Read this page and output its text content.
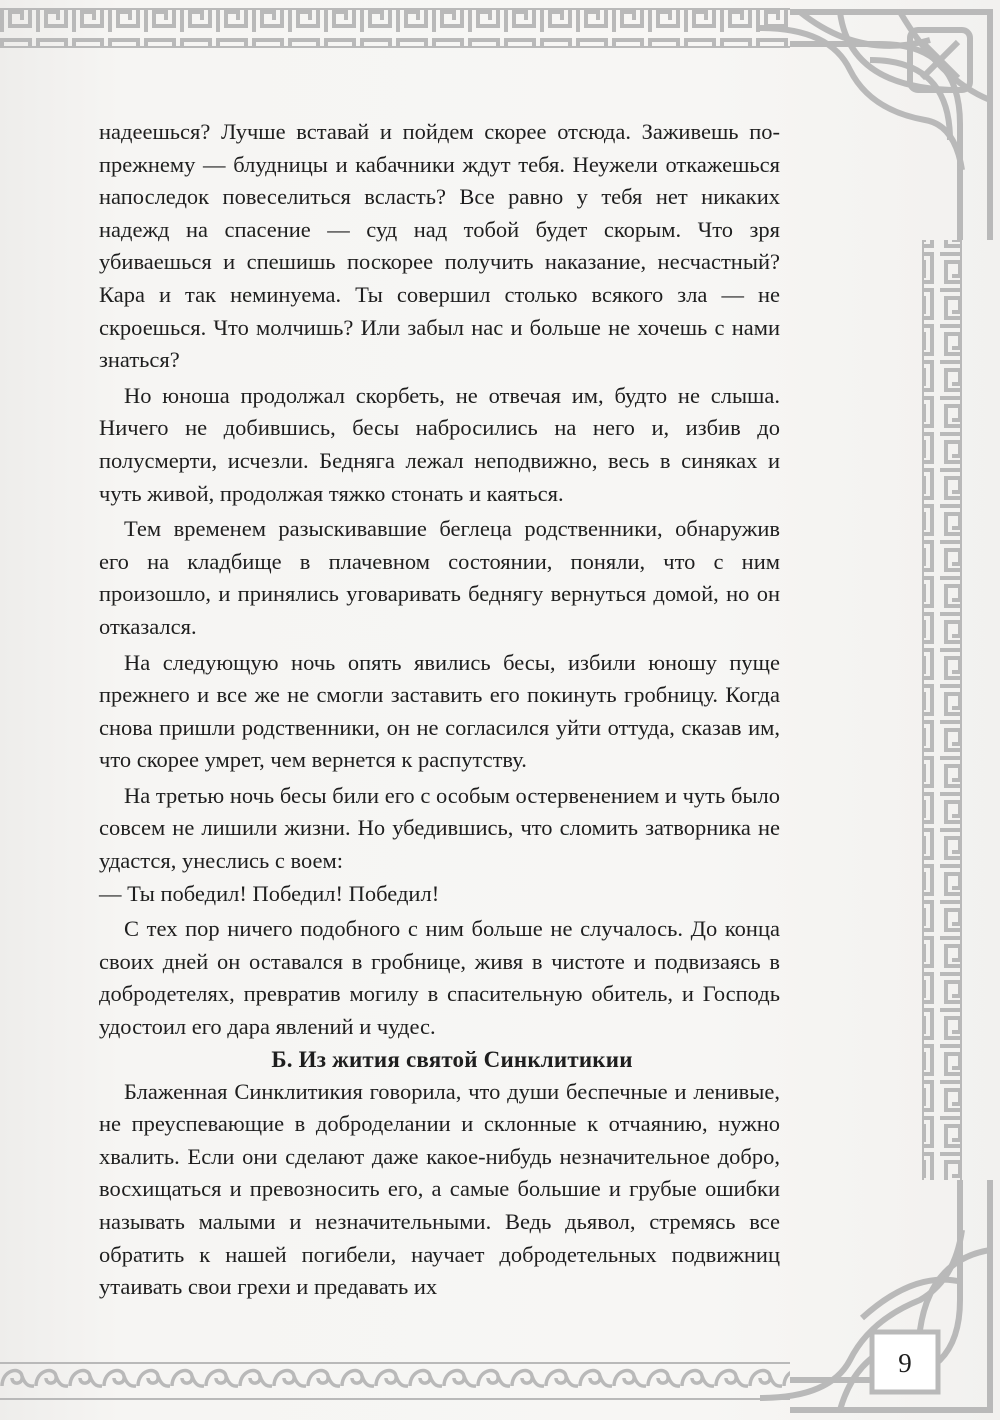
надеешься? Лучше вставай и пойдем скорее отсюда. Заживешь по-прежнему — блудницы и кабачники ждут тебя. Неужели откажешься напоследок повеселиться всласть? Все равно у тебя нет никаких надежд на спасение — суд над тобой будет скорым. Что зря убиваешься и спешишь поскорее получить наказание, несчастный? Кара и так неминуема. Ты совершил столько всякого зла — не скроешься. Что молчишь? Или забыл нас и больше не хочешь с нами знаться?

Но юноша продолжал скорбеть, не отвечая им, будто не слыша. Ничего не добившись, бесы набросились на него и, избив до полусмерти, исчезли. Бедняга лежал неподвижно, весь в синяках и чуть живой, продолжая тяжко стонать и каяться.

Тем временем разыскивавшие беглеца родственники, обнаружив его на кладбище в плачевном состоянии, поняли, что с ним произошло, и принялись уговаривать беднягу вернуться домой, но он отказался.

На следующую ночь опять явились бесы, избили юношу пуще прежнего и все же не смогли заставить его покинуть гробницу. Когда снова пришли родственники, он не согласился уйти оттуда, сказав им, что скорее умрет, чем вернется к распутству.

На третью ночь бесы били его с особым остервенением и чуть было совсем не лишили жизни. Но убедившись, что сломить затворника не удастся, унеслись с воем:

— Ты победил! Победил! Победил!

С тех пор ничего подобного с ним больше не случалось. До конца своих дней он оставался в гробнице, живя в чистоте и подвизаясь в добродетелях, превратив могилу в спасительную обитель, и Господь удостоил его дара явлений и чудес.

Б. Из жития святой Синклитикии

Блаженная Синклитикия говорила, что души беспечные и ленивые, не преуспевающие в доброделании и склонные к отчаянию, нужно хвалить. Если они сделают даже какое-нибудь незначительное добро, восхищаться и превозносить его, а самые большие и грубые ошибки называть малыми и незначительными. Ведь дьявол, стремясь все обратить к нашей погибели, научает добродетельных подвижниц утаивать свои грехи и предавать их

9
